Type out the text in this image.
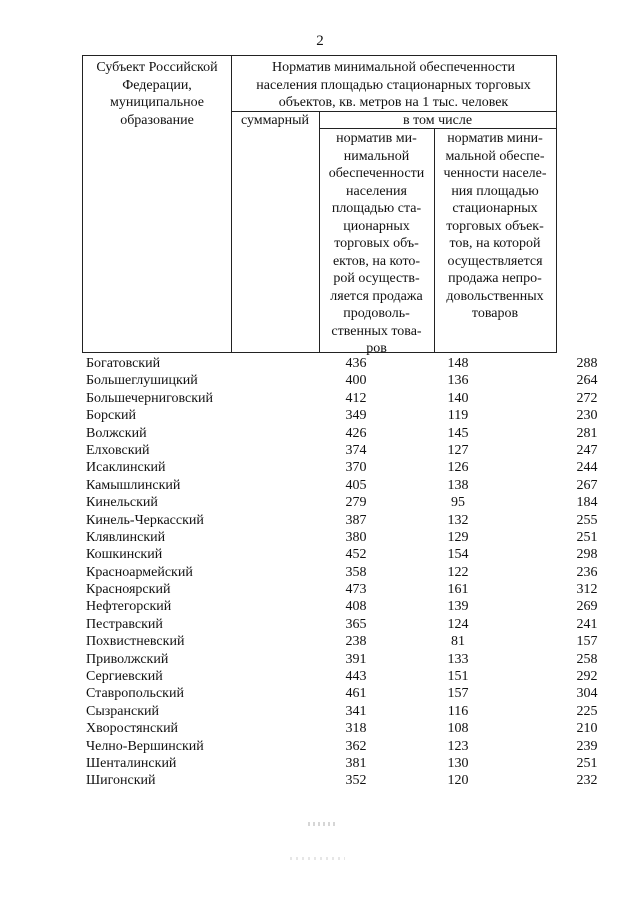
2
Субъект Российской
Федерации,
муниципальное
образование
Норматив минимальной обеспеченности
населения площадью стационарных торговых
объектов, кв. метров на 1 тыс. человек
суммарный	в том числе
норматив ми-
нимальной
обеспеченности
населения
площадью ста-
ционарных
торговых объ-
ектов, на кото-
рой осуществ-
ляется продажа
продоволь-
ственных това-
ров
норматив мини-
мальной обеспе-
ченности населе-
ния площадью
стационарных
торговых объек-
тов, на которой
осуществляется
продажа непро-
довольственных
товаров
Богатовский	436	148	288
Большеглушицкий	400	136	264
Большечерниговский	412	140	272
Борский	349	119	230
Волжский	426	145	281
Елховский	374	127	247
Исаклинский	370	126	244
Камышлинский	405	138	267
Кинельский	279	95	184
Кинель-Черкасский	387	132	255
Клявлинский	380	129	251
Кошкинский	452	154	298
Красноармейский	358	122	236
Красноярский	473	161	312
Нефтегорский	408	139	269
Пестравский	365	124	241
Похвистневский	238	81	157
Приволжский	391	133	258
Сергиевский	443	151	292
Ставропольский	461	157	304
Сызранский	341	116	225
Хворостянский	318	108	210
Челно-Вершинский	362	123	239
Шенталинский	381	130	251
Шигонский	352	120	232
